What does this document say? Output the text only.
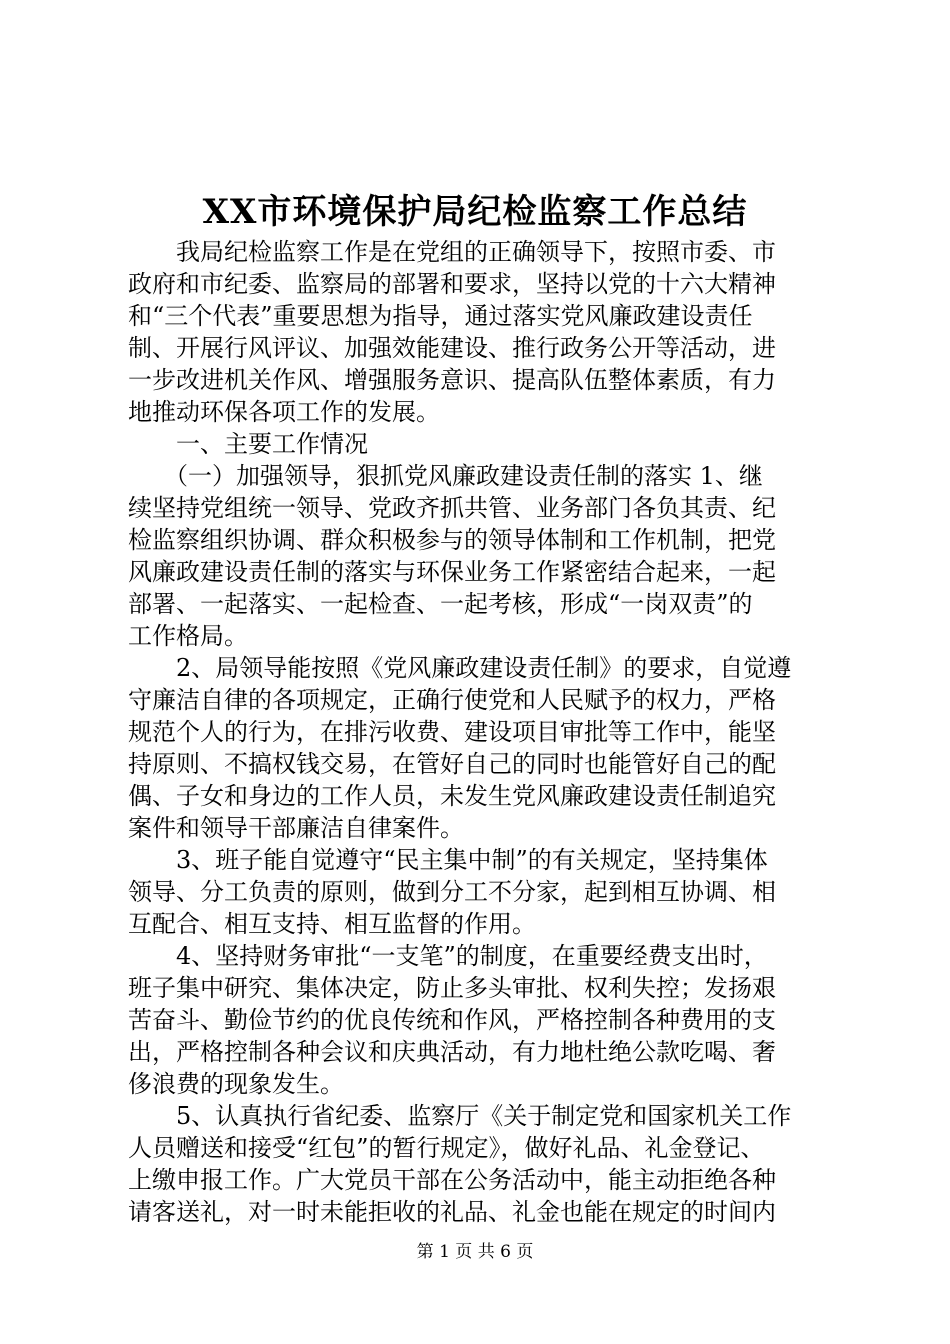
XX市环境保护局纪检监察工作总结
　　我局纪检监察工作是在党组的正确领导下，按照市委、市
政府和市纪委、监察局的部署和要求，坚持以党的十六大精神
和“三个代表”重要思想为指导，通过落实党风廉政建设责任
制、开展行风评议、加强效能建设、推行政务公开等活动，进
一步改进机关作风、增强服务意识、提高队伍整体素质，有力
地推动环保各项工作的发展。
　　一、主要工作情况
　　（一）加强领导，狠抓党风廉政建设责任制的落实 1、继
续坚持党组统一领导、党政齐抓共管、业务部门各负其责、纪
检监察组织协调、群众积极参与的领导体制和工作机制，把党
风廉政建设责任制的落实与环保业务工作紧密结合起来，一起
部署、一起落实、一起检查、一起考核，形成“一岗双责”的
工作格局。
　　2、局领导能按照《党风廉政建设责任制》的要求，自觉遵
守廉洁自律的各项规定，正确行使党和人民赋予的权力，严格
规范个人的行为，在排污收费、建设项目审批等工作中，能坚
持原则、不搞权钱交易，在管好自己的同时也能管好自己的配
偶、子女和身边的工作人员，未发生党风廉政建设责任制追究
案件和领导干部廉洁自律案件。
　　3、班子能自觉遵守“民主集中制”的有关规定，坚持集体
领导、分工负责的原则，做到分工不分家，起到相互协调、相
互配合、相互支持、相互监督的作用。
　　4、坚持财务审批“一支笔”的制度，在重要经费支出时，
班子集中研究、集体决定，防止多头审批、权利失控；发扬艰
苦奋斗、勤俭节约的优良传统和作风，严格控制各种费用的支
出，严格控制各种会议和庆典活动，有力地杜绝公款吃喝、奢
侈浪费的现象发生。
　　5、认真执行省纪委、监察厅《关于制定党和国家机关工作
人员赠送和接受“红包”的暂行规定》，做好礼品、礼金登记、
上缴申报工作。广大党员干部在公务活动中，能主动拒绝各种
请客送礼，对一时未能拒收的礼品、礼金也能在规定的时间内
第 1 页 共 6 页
